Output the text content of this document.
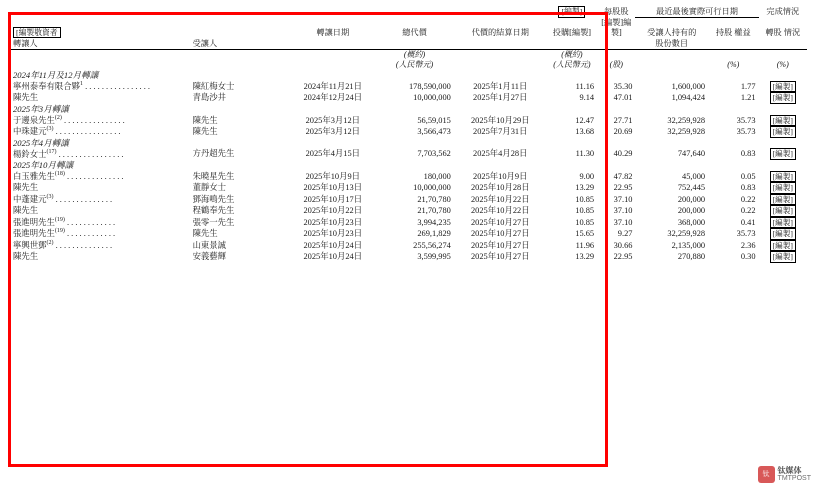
					[編製]	每股股	最近最後實際可行日期		完成情況
[編製敬資者		轉讓日期	總代價	代價的結算日期	投購[編製]	[編製]編製]	受讓人持有的	持股 權益	轉股 情況
轉讓人	受讓人						股份數目		
			(概約)		(概約)				
			(人民幣元)		(人民幣元)	(股)		(%)	(%)
2024年11月及12月轉讓									
寧州泰奉有限合夥$^1$ . . . . . . . . . . . . . . . .	陳紅梅女士	2024年11月21日	178,590,000	2025年1月11日	11.16	35.30	1,600,000	1.77	[編製]
陳先生	青島沙井	2024年12月24日	10,000,000	2025年1月27日	9.14	47.01	1,094,424	1.21	[編製]
2025年3月轉讓									
于邊泉先生$^{(2)}$ . . . . . . . . . . . . . . .	陳先生	2025年3月12日	56,59,015	2025年10月29日	12.47	27.71	32,259,928	35.73	[編製]
中珠建元$^{(3)}$ . . . . . . . . . . . . . . . .	陳先生	2025年3月12日	3,566,473	2025年7月31日	13.68	20.69	32,259,928	35.73	[編製]
2025年4月轉讓									
楊鈴女士$^{(17)}$ . . . . . . . . . . . . . . . .	方丹超先生	2025年4月15日	7,703,562	2025年4月28日	11.30	40.29	747,640	0.83	[編製]
2025年10月轉讓									
白玉雅先生$^{(18)}$ . . . . . . . . . . . . . .	朱曉星先生	2025年10月9日	180,000	2025年10月9日	9.00	47.82	45,000	0.05	[編製]
陳先生	董靜女士	2025年10月13日	10,000,000	2025年10月28日	13.29	22.95	752,445	0.83	[編製]
中蓬建元$^{(3)}$ . . . . . . . . . . . . . .	鄧海鳴先生	2025年10月17日	21,70,780	2025年10月22日	10.85	37.10	200,000	0.22	[編製]
陳先生	程鶴奉先生	2025年10月22日	21,70,780	2025年10月22日	10.85	37.10	200,000	0.22	[編製]
張進明先生$^{(19)}$ . . . . . . . . . . . .	張零一先生	2025年10月23日	3,994,235	2025年10月27日	10.85	37.10	368,000	0.41	[編製]
張進明先生$^{(19)}$ . . . . . . . . . . . .	陳先生	2025年10月23日	269,1,829	2025年10月27日	15.65	9.27	32,259,928	35.73	[編製]
寧興世鄧$^{(2)}$ . . . . . . . . . . . . . .	山東景誠	2025年10月24日	255,56,274	2025年10月27日	11.96	30.66	2,135,000	2.36	[編製]
陳先生	安義藝輝	2025年10月24日	3,599,995	2025年10月27日	13.29	22.95	270,880	0.30	[編製]
钛	钛媒体
TMTPOST
